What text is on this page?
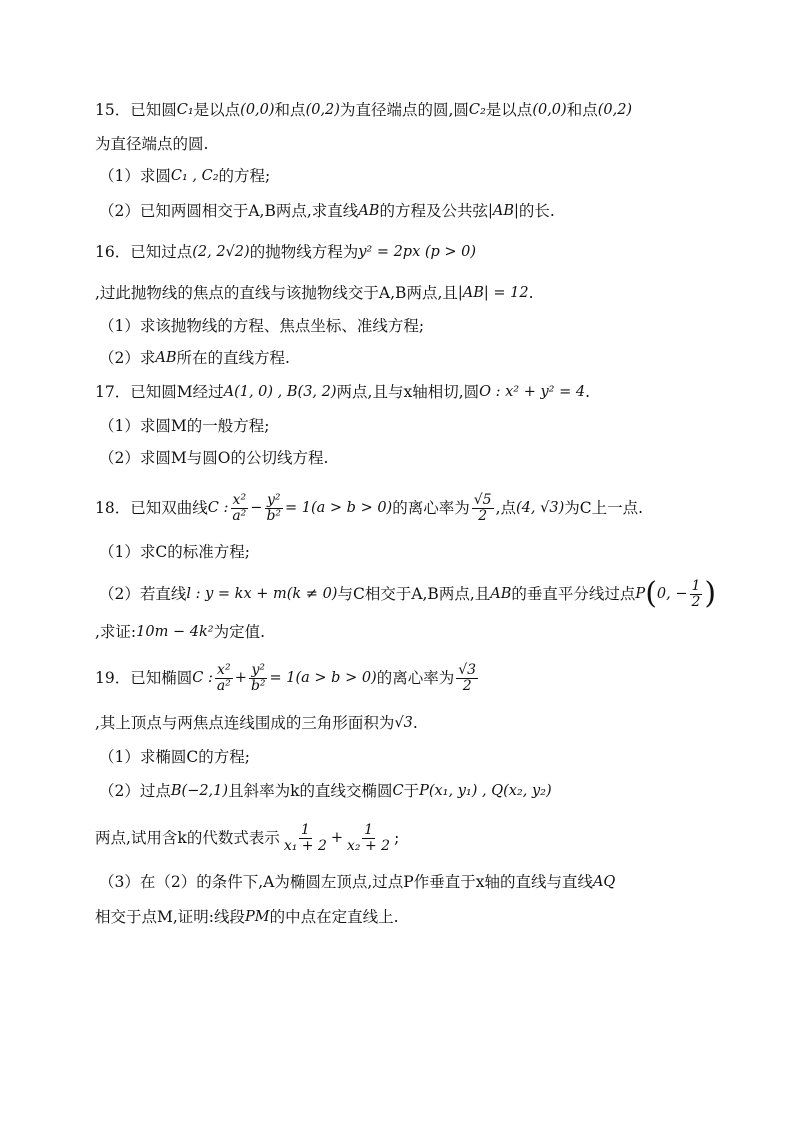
15．已知圆 C₁ 是以点 (0,0) 和点 (0,2) 为直径端点的圆,圆 C₂ 是以点 (0,0) 和点 (0,2)
为直径端点的圆.
（1）求圆 C₁ , C₂ 的方程;
（2）已知两圆相交于A,B两点,求直线 AB 的方程及公共弦 |AB| 的长.
16．已知过点 (2, 2√2) 的抛物线方程为 y² = 2px (p > 0)
,过此抛物线的焦点的直线与该抛物线交于A,B两点,且 |AB| = 12 .
（1）求该抛物线的方程、焦点坐标、准线方程;
（2）求 AB 所在的直线方程.
17．已知圆M经过 A(1, 0) , B(3, 2) 两点,且与x轴相切,圆 O : x² + y² = 4 .
（1）求圆M的一般方程;
（2）求圆M与圆O的公切线方程.
18．已知双曲线 C : $\frac{\text{x²}}{\text{a²}} - \frac{\text{y²}}{\text{b²}} = 1(a > b > 0)$ 的离心率为 $\frac{√5}{2}$ ,点 (4, √3) 为C上一点.
（1）求C的标准方程;
（2）若直线 l : y = kx + m(k ≠ 0) 与C相交于A,B两点,且 AB 的垂直平分线过点 P ( 0, − $\frac{1}{2}$ )
,求证: 10m − 4k² 为定值.
19．已知椭圆 C : $\frac{\text{x²}}{\text{a²}} + \frac{\text{y²}}{\text{b²}} = 1(a > b > 0)$ 的离心率为 $\frac{√3}{2}$
,其上顶点与两焦点连线围成的三角形面积为 √3 .
（1）求椭圆C的方程;
（2）过点 B(−2,1) 且斜率为k的直线交椭圆 C 于 P(x₁, y₁) , Q(x₂, y₂)
两点,试用含k的代数式表示 $\frac{1}{\text{x₁ + 2}} + \frac{1}{\text{x₂ + 2}}$ ;
（3）在（2）的条件下,A为椭圆左顶点,过点P作垂直于x轴的直线与直线 AQ
相交于点M,证明:线段 PM 的中点在定直线上.
